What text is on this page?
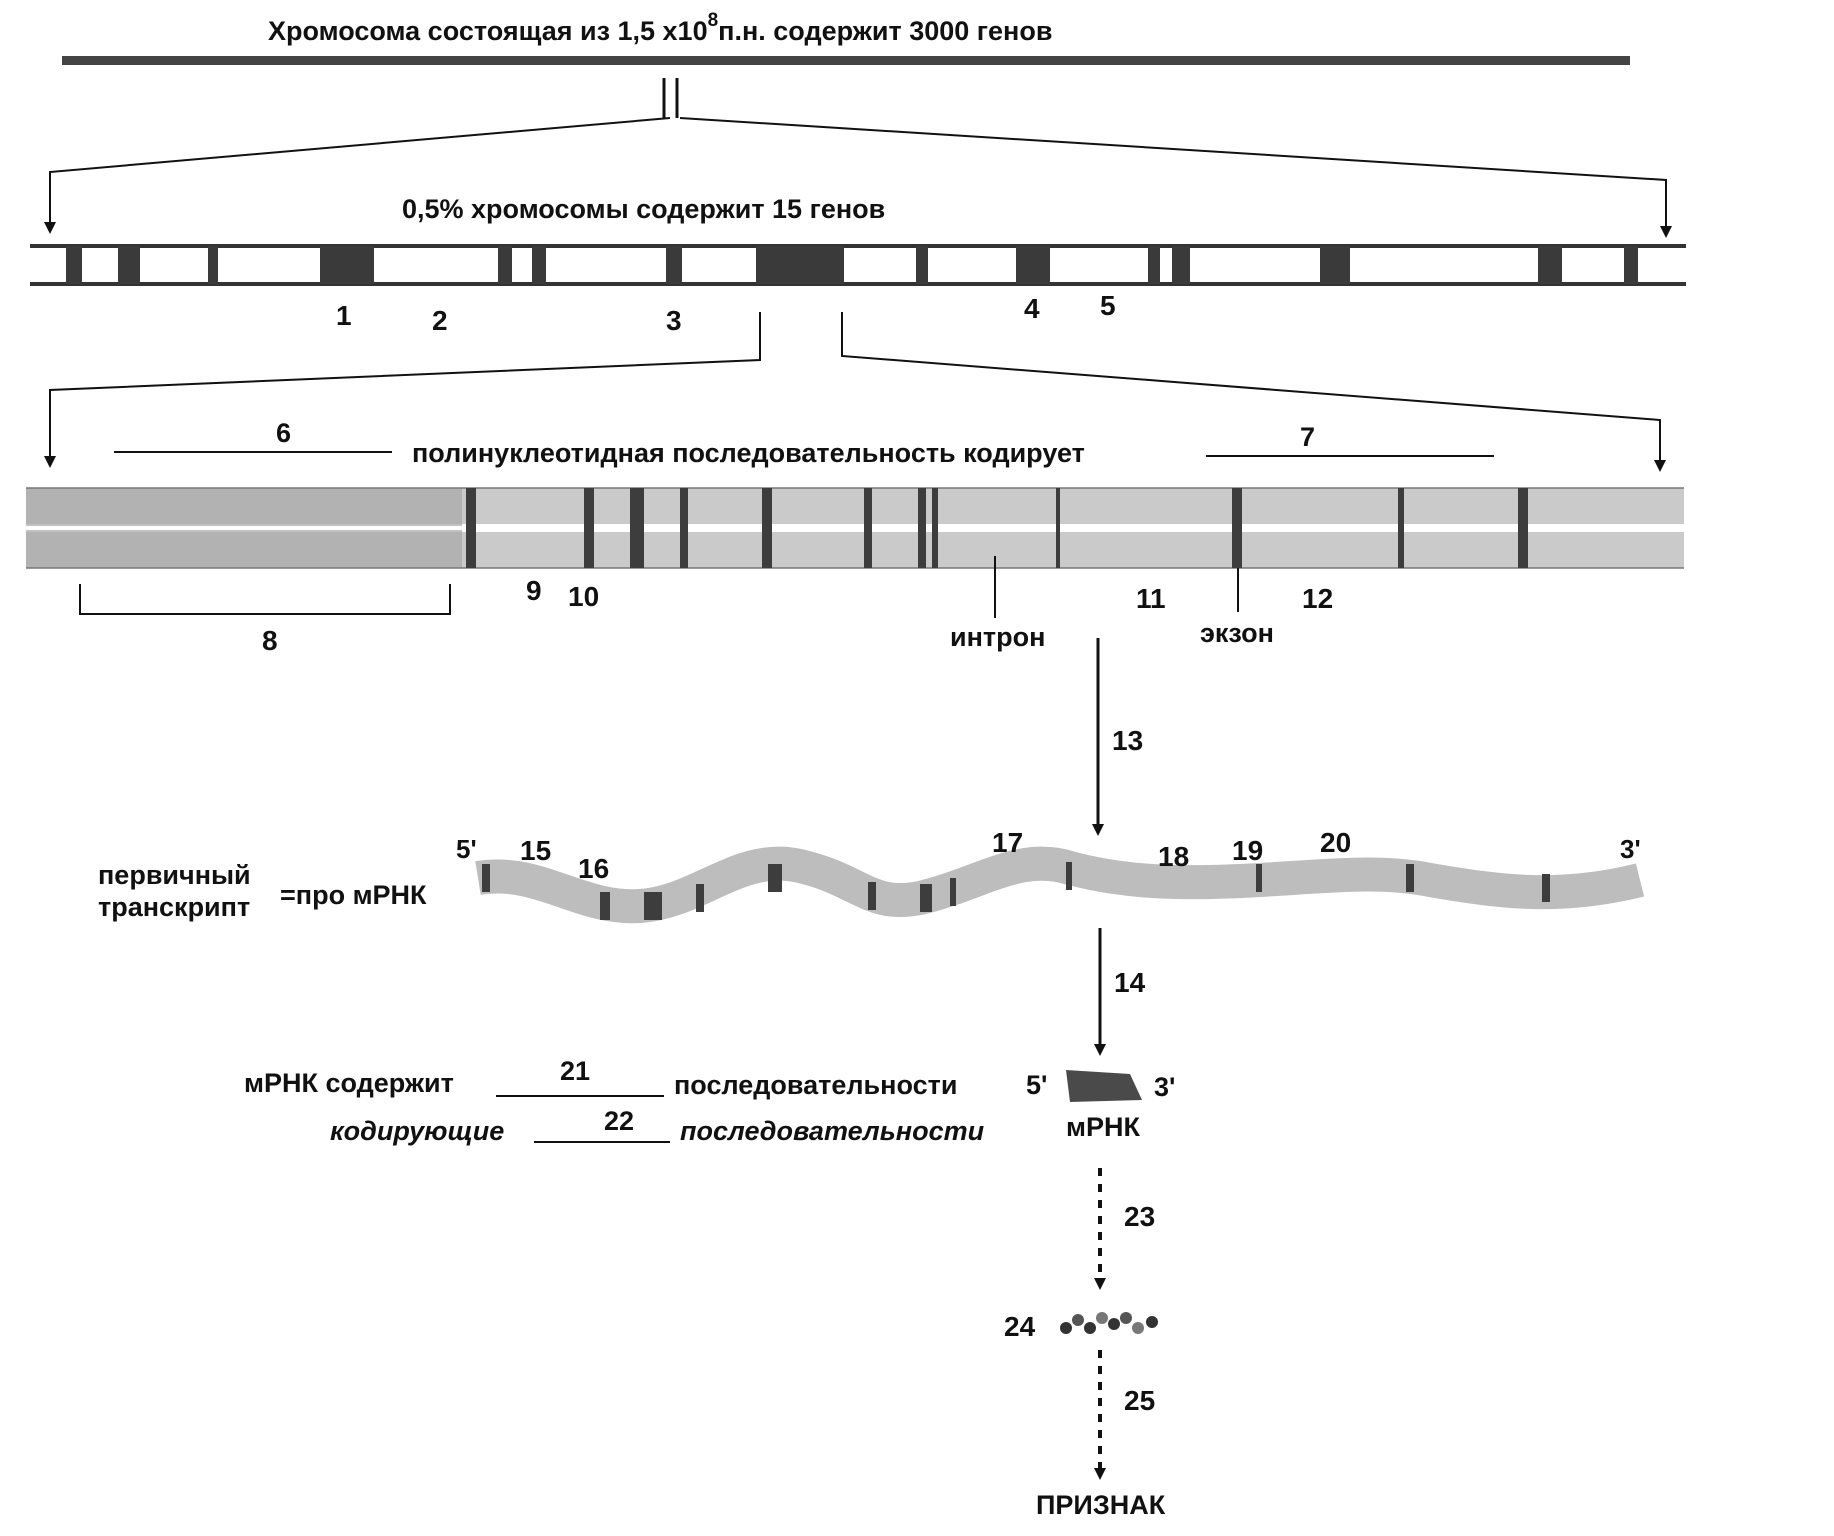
Хромосома состоящая из 1,5 $x10^8п.н$. содержит 3000 генов
0,5% хромосомы содержит 15 генов
1	2	3	4 5
6
полинуклеотидная последовательность кодирует
7
8
9 10	11	12
интрон	экзон
13
первичный
транскрипт =про мРНК
5'	3'
15
16
17	18 19 20
14
мРНК содержит	21	последовательности
кодирующие	22 последовательности
5'	3'
мРНК
23
24
25
ПРИЗНАК
